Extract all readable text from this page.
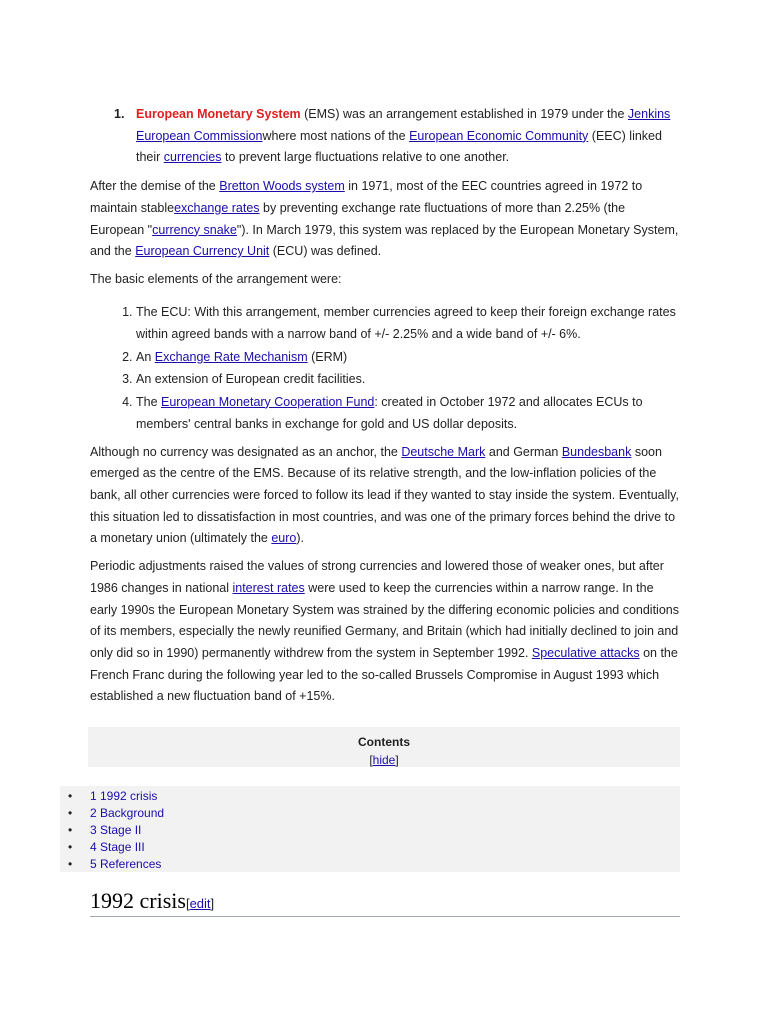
1. European Monetary System (EMS) was an arrangement established in 1979 under the Jenkins European Commissionwhere most nations of the European Economic Community (EEC) linked their currencies to prevent large fluctuations relative to one another.

After the demise of the Bretton Woods system in 1971, most of the EEC countries agreed in 1972 to maintain stableexchange rates by preventing exchange rate fluctuations of more than 2.25% (the European "currency snake"). In March 1979, this system was replaced by the European Monetary System, and the European Currency Unit (ECU) was defined.

The basic elements of the arrangement were:

1. The ECU: With this arrangement, member currencies agreed to keep their foreign exchange rates within agreed bands with a narrow band of +/- 2.25% and a wide band of +/- 6%.
2. An Exchange Rate Mechanism (ERM)
3. An extension of European credit facilities.
4. The European Monetary Cooperation Fund: created in October 1972 and allocates ECUs to members' central banks in exchange for gold and US dollar deposits.

Although no currency was designated as an anchor, the Deutsche Mark and German Bundesbank soon emerged as the centre of the EMS. Because of its relative strength, and the low-inflation policies of the bank, all other currencies were forced to follow its lead if they wanted to stay inside the system. Eventually, this situation led to dissatisfaction in most countries, and was one of the primary forces behind the drive to a monetary union (ultimately the euro).

Periodic adjustments raised the values of strong currencies and lowered those of weaker ones, but after 1986 changes in national interest rates were used to keep the currencies within a narrow range. In the early 1990s the European Monetary System was strained by the differing economic policies and conditions of its members, especially the newly reunified Germany, and Britain (which had initially declined to join and only did so in 1990) permanently withdrew from the system in September 1992. Speculative attacks on the French Franc during the following year led to the so-called Brussels Compromise in August 1993 which established a new fluctuation band of +15%.

Contents
[hide]
• 1 1992 crisis
• 2 Background
• 3 Stage II
• 4 Stage III
• 5 References
1992 crisis[edit]
